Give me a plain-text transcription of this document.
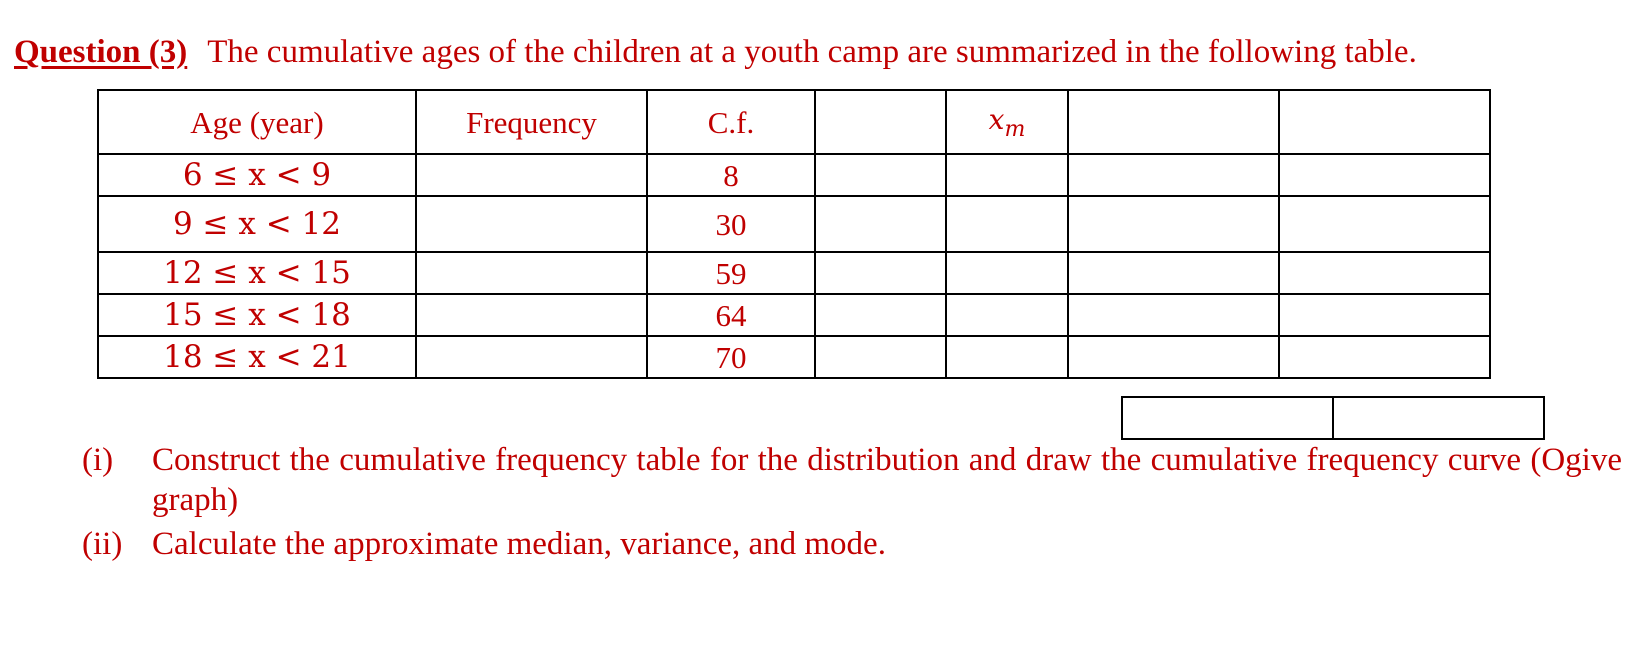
Question (3) The cumulative ages of the children at a youth camp are summarized in the following table.
Age (year)	Frequency	C.f.		$x_m$		
6 ≤ x < 9		8				
9 ≤ x < 12		30				
12 ≤ x < 15		59				
15 ≤ x < 18		64				
18 ≤ x < 21		70				

(i)	Construct the cumulative frequency table for the distribution and draw the cumulative frequency curve (Ogive graph)
(ii) Calculate the approximate median, variance, and mode.
